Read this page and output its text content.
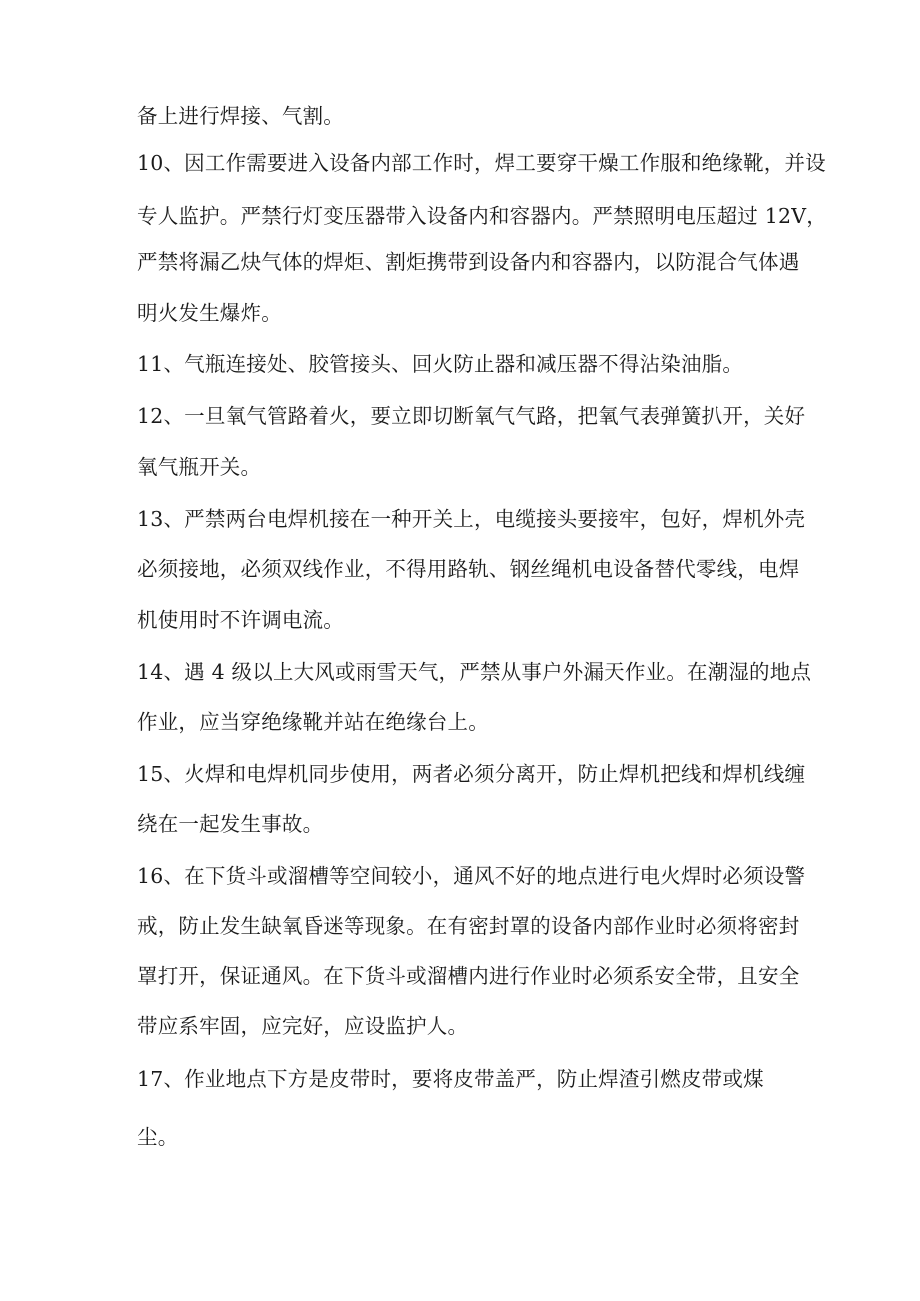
备上进行焊接、气割。
10、因工作需要进入设备内部工作时，焊工要穿干燥工作服和绝缘靴，并设
专人监护。严禁行灯变压器带入设备内和容器内。严禁照明电压超过 12V，
严禁将漏乙炔气体的焊炬、割炬携带到设备内和容器内，以防混合气体遇
明火发生爆炸。
11、气瓶连接处、胶管接头、回火防止器和减压器不得沾染油脂。
12、一旦氧气管路着火，要立即切断氧气气路，把氧气表弹簧扒开，关好
氧气瓶开关。
13、严禁两台电焊机接在一种开关上，电缆接头要接牢，包好，焊机外壳
必须接地，必须双线作业，不得用路轨、钢丝绳机电设备替代零线，电焊
机使用时不许调电流。
14、遇 4 级以上大风或雨雪天气，严禁从事户外漏天作业。在潮湿的地点
作业，应当穿绝缘靴并站在绝缘台上。
15、火焊和电焊机同步使用，两者必须分离开，防止焊机把线和焊机线缠
绕在一起发生事故。
16、在下货斗或溜槽等空间较小，通风不好的地点进行电火焊时必须设警
戒，防止发生缺氧昏迷等现象。在有密封罩的设备内部作业时必须将密封
罩打开，保证通风。在下货斗或溜槽内进行作业时必须系安全带，且安全
带应系牢固，应完好，应设监护人。
17、作业地点下方是皮带时，要将皮带盖严，防止焊渣引燃皮带或煤
尘。
